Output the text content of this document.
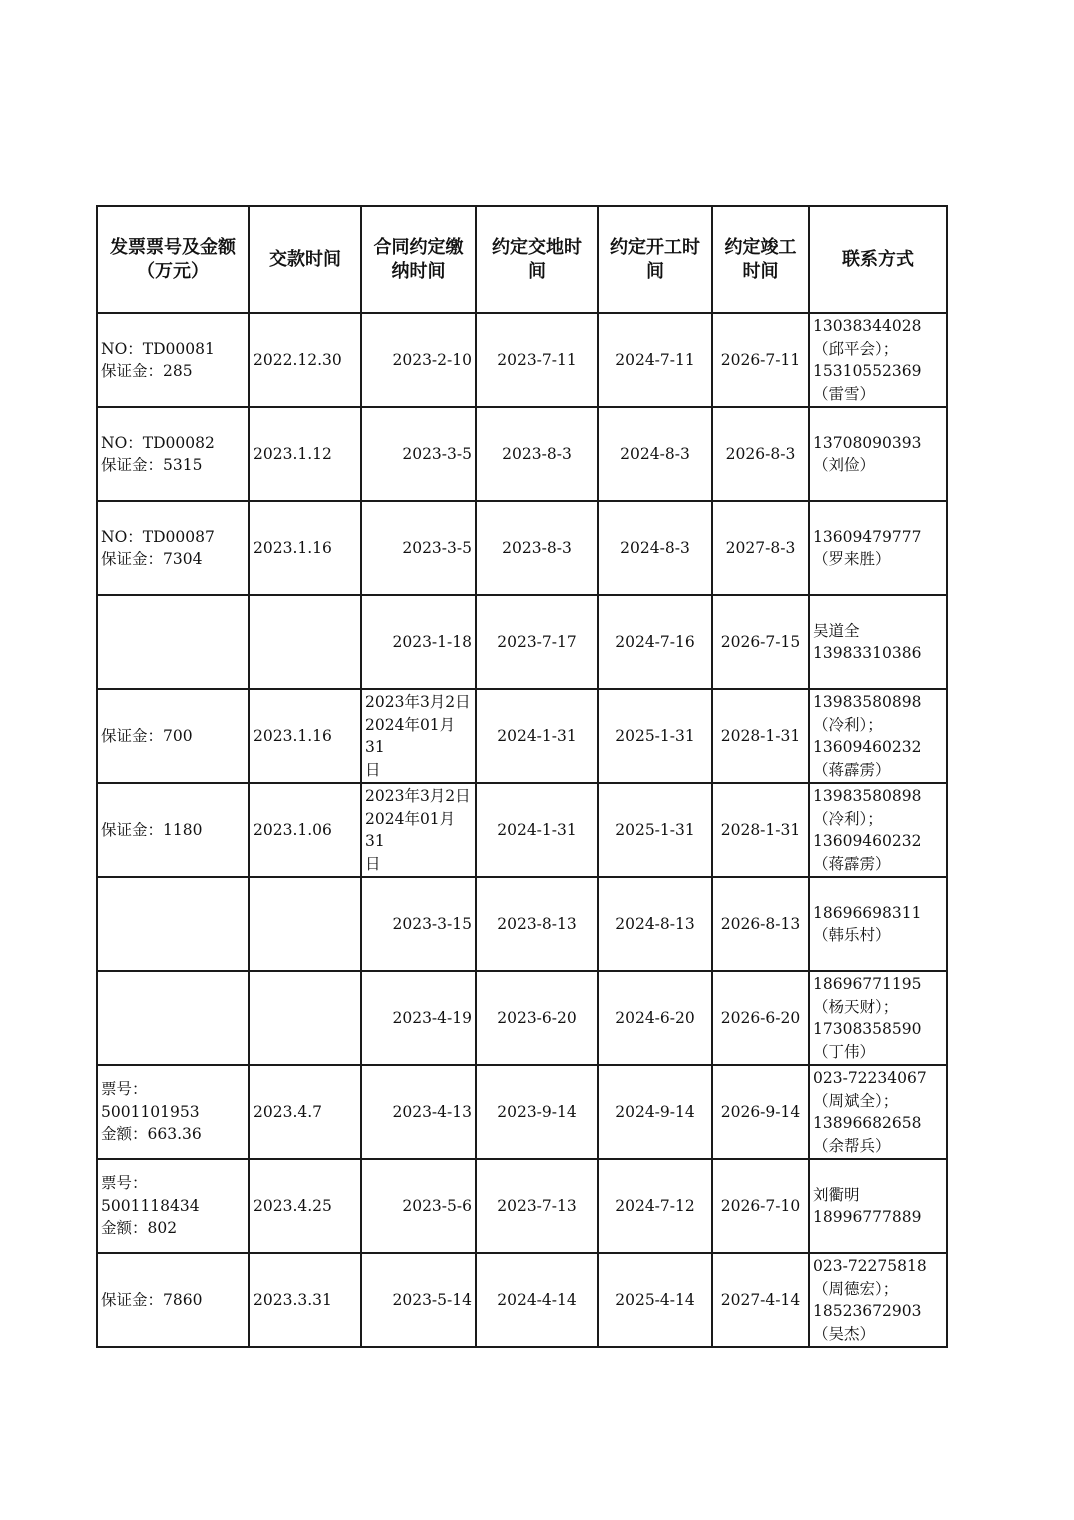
发票票号及金额
（万元）	交款时间	合同约定缴
纳时间	约定交地时
间	约定开工时
间	约定竣工
时间	联系方式

NO：TD00081
保证金：285	2022.12.30	2023-2-10	2023-7-11	2024-7-11	2026-7-11	13038344028
（邱平会）；
15310552369
（雷雪）

NO：TD00082
保证金：5315	2023.1.12	2023-3-5	2023-8-3	2024-8-3	2026-8-3	13708090393
（刘俭）

NO：TD00087
保证金：7304	2023.1.16	2023-3-5	2023-8-3	2024-8-3	2027-8-3	13609479777
（罗来胜）

		2023-1-18	2023-7-17	2024-7-16	2026-7-15	吴道全
13983310386

保证金：700	2023.1.16	2023年3月2日
2024年01月31
日	2024-1-31	2025-1-31	2028-1-31	13983580898
（冷利）；
13609460232
（蒋霹雳）

保证金：1180	2023.1.06	2023年3月2日
2024年01月31
日	2024-1-31	2025-1-31	2028-1-31	13983580898
（冷利）；
13609460232
（蒋霹雳）

		2023-3-15	2023-8-13	2024-8-13	2026-8-13	18696698311
（韩乐村）

		2023-4-19	2023-6-20	2024-6-20	2026-6-20	18696771195
（杨天财）；
17308358590
（丁伟）

票号：5001101953
金额：663.36	2023.4.7	2023-4-13	2023-9-14	2024-9-14	2026-9-14	023-72234067
（周斌全）；
13896682658
（余帮兵）

票号：5001118434
金额：802	2023.4.25	2023-5-6	2023-7-13	2024-7-12	2026-7-10	刘衢明
18996777889

保证金：7860	2023.3.31	2023-5-14	2024-4-14	2025-4-14	2027-4-14	023-72275818
（周德宏）；
18523672903
（吴杰）
